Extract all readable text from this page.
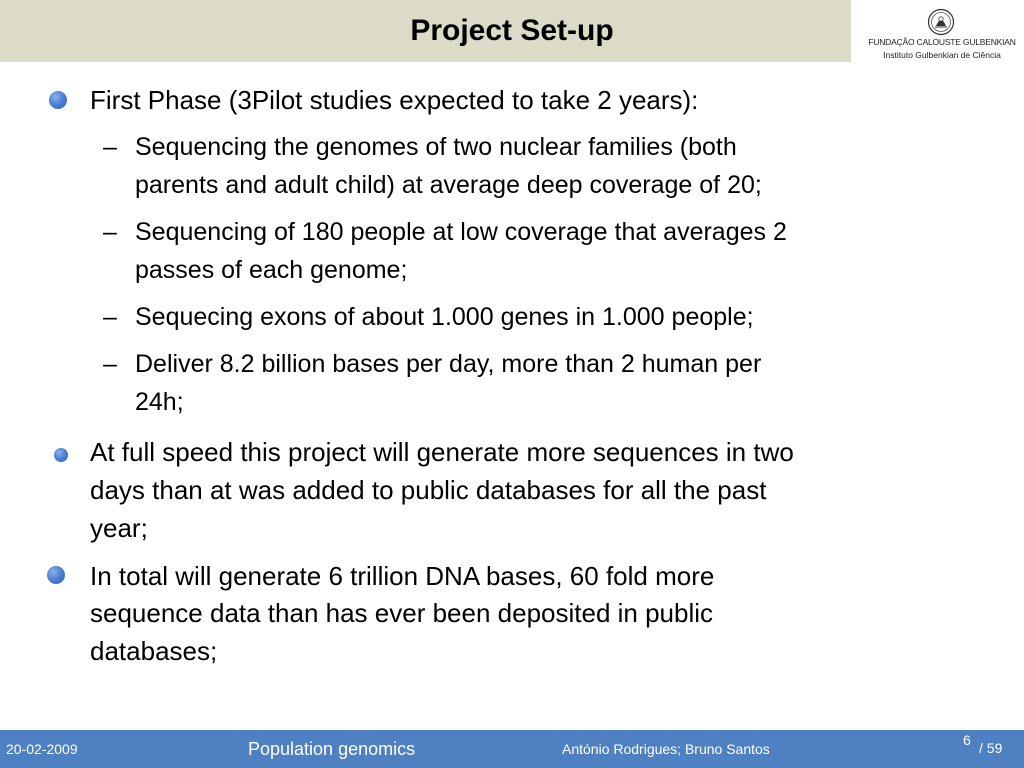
Project Set-up	FUNDAÇÃO CALOUSTE GULBENKIAN
Instituto Gulbenkian de Ciência
First Phase (3Pilot studies expected to take 2 years):
– Sequencing the genomes of two nuclear families (both
parents and adult child) at average deep coverage of 20;
– Sequencing of 180 people at low coverage that averages 2
passes of each genome;
– Sequecing exons of about 1.000 genes in 1.000 people;
– Deliver 8.2 billion bases per day, more than 2 human per
24h;
At full speed this project will generate more sequences in two
days than at was added to public databases for all the past
year;
In total will generate 6 trillion DNA bases, 60 fold more
sequence data than has ever been deposited in public
databases;
20-02-2009	Population genomics	António Rodrigues; Bruno Santos
6 / 59
